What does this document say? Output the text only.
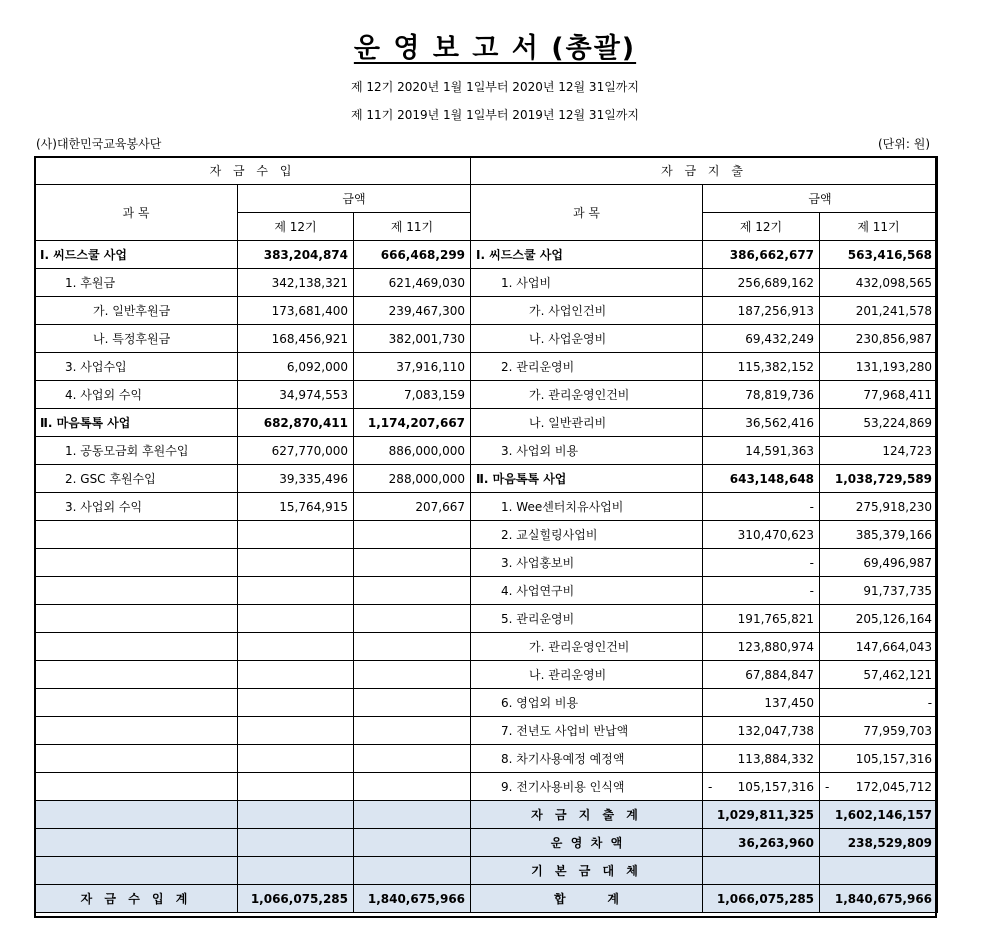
운 영 보 고 서 (총괄)
제 12기 2020년 1월 1일부터 2020년 12월 31일까지
제 11기 2019년 1월 1일부터 2019년 12월 31일까지
(사)대한민국교육봉사단	(단위: 원)
자 금 수 입			자 금 지 출		
과 목	금액		과 목	금액	
	제 12기	제 11기		제 12기	제 11기
Ⅰ. 씨드스쿨 사업	383,204,874	666,468,299	Ⅰ. 씨드스쿨 사업	386,662,677	563,416,568
1. 후원금	342,138,321	621,469,030	1. 사업비	256,689,162	432,098,565
가. 일반후원금	173,681,400	239,467,300	가. 사업인건비	187,256,913	201,241,578
나. 특정후원금	168,456,921	382,001,730	나. 사업운영비	69,432,249	230,856,987
3. 사업수입	6,092,000	37,916,110	2. 관리운영비	115,382,152	131,193,280
4. 사업외 수익	34,974,553	7,083,159	가. 관리운영인건비	78,819,736	77,968,411
Ⅱ. 마음톡톡 사업	682,870,411	1,174,207,667	나. 일반관리비	36,562,416	53,224,869
1. 공동모금회 후원수입	627,770,000	886,000,000	3. 사업외 비용	14,591,363	124,723
2. GSC 후원수입	39,335,496	288,000,000	Ⅱ. 마음톡톡 사업	643,148,648	1,038,729,589
3. 사업외 수익	15,764,915	207,667	1. Wee센터치유사업비	-	275,918,230
			2. 교실힐링사업비	310,470,623	385,379,166
			3. 사업홍보비	-	69,496,987
			4. 사업연구비	-	91,737,735
			5. 관리운영비	191,765,821	205,126,164
			가. 관리운영인건비	123,880,974	147,664,043
			나. 관리운영비	67,884,847	57,462,121
			6. 영업외 비용	137,450	-
			7. 전년도 사업비 반납액	132,047,738	77,959,703
			8. 차기사용예정 예정액	113,884,332	105,157,316
			9. 전기사용비용 인식액	- 105,157,316	- 172,045,712
			자 금 지 출 계	1,029,811,325	1,602,146,157
			운  영  차  액	36,263,960	238,529,809
			기 본 금 대 체		
자 금 수 입 계	1,066,075,285	1,840,675,966	합          계	1,066,075,285	1,840,675,966
